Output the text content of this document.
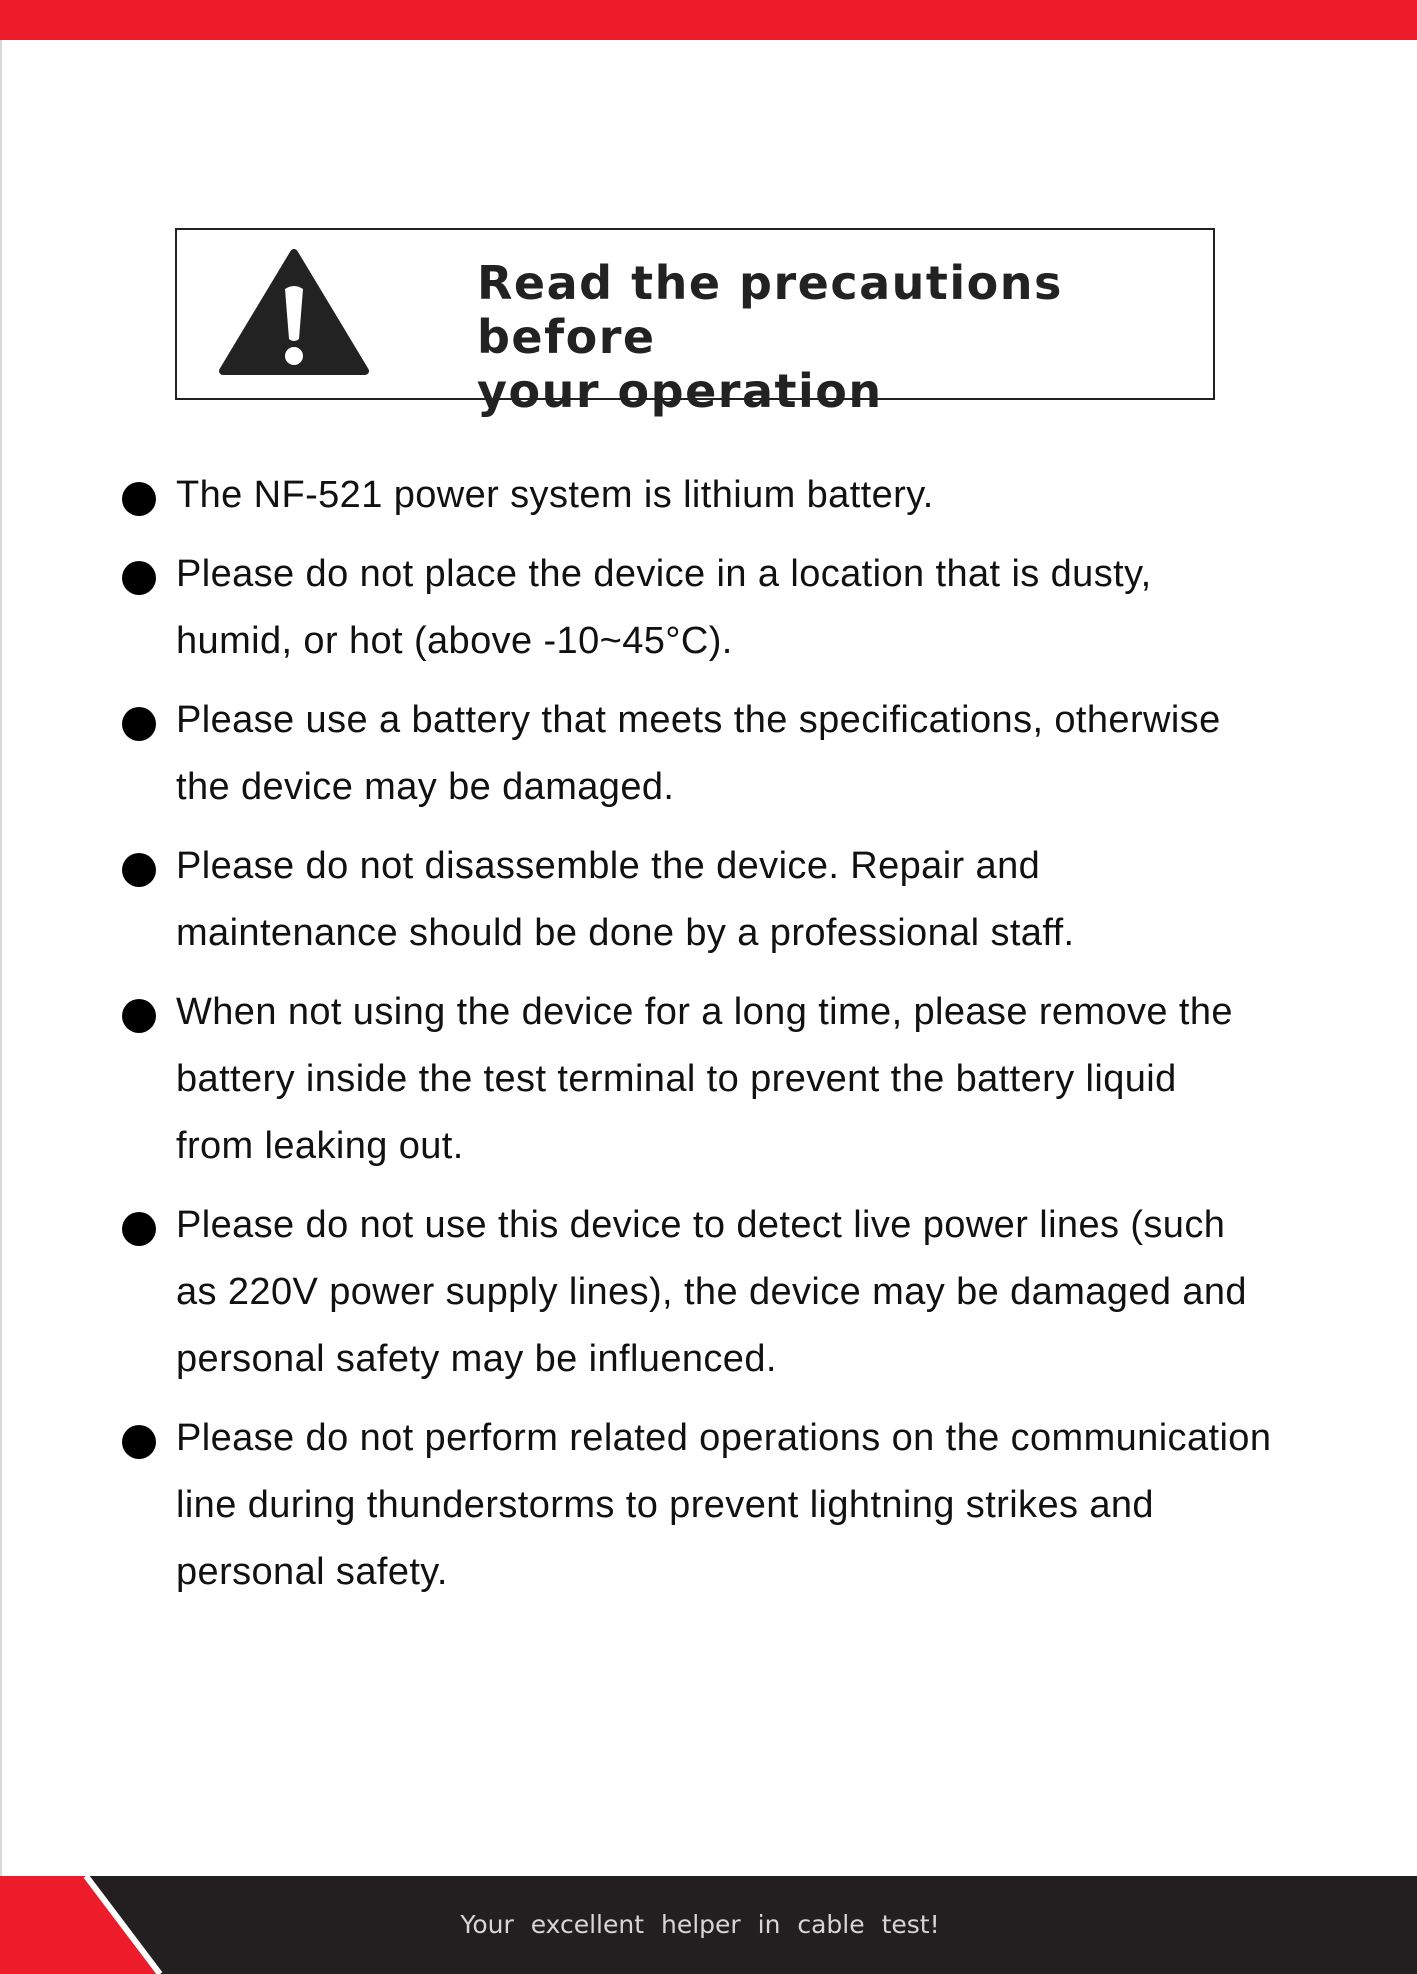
Read the precautions before
your operation
The NF-521 power system is lithium battery.
Please do not place the device in a location that is dusty,
humid, or hot (above -10~45°C).
Please use a battery that meets the specifications, otherwise
the device may be damaged.
Please do not disassemble the device. Repair and
maintenance should be done by a professional staff.
When not using the device for a long time, please remove the
battery inside the test terminal to prevent the battery liquid
from leaking out.
Please do not use this device to detect live power lines (such
as 220V power supply lines), the device may be damaged and
personal safety may be influenced.
Please do not perform related operations on the communication
line during thunderstorms to prevent lightning strikes and
personal safety.
Your excellent helper in cable test!
